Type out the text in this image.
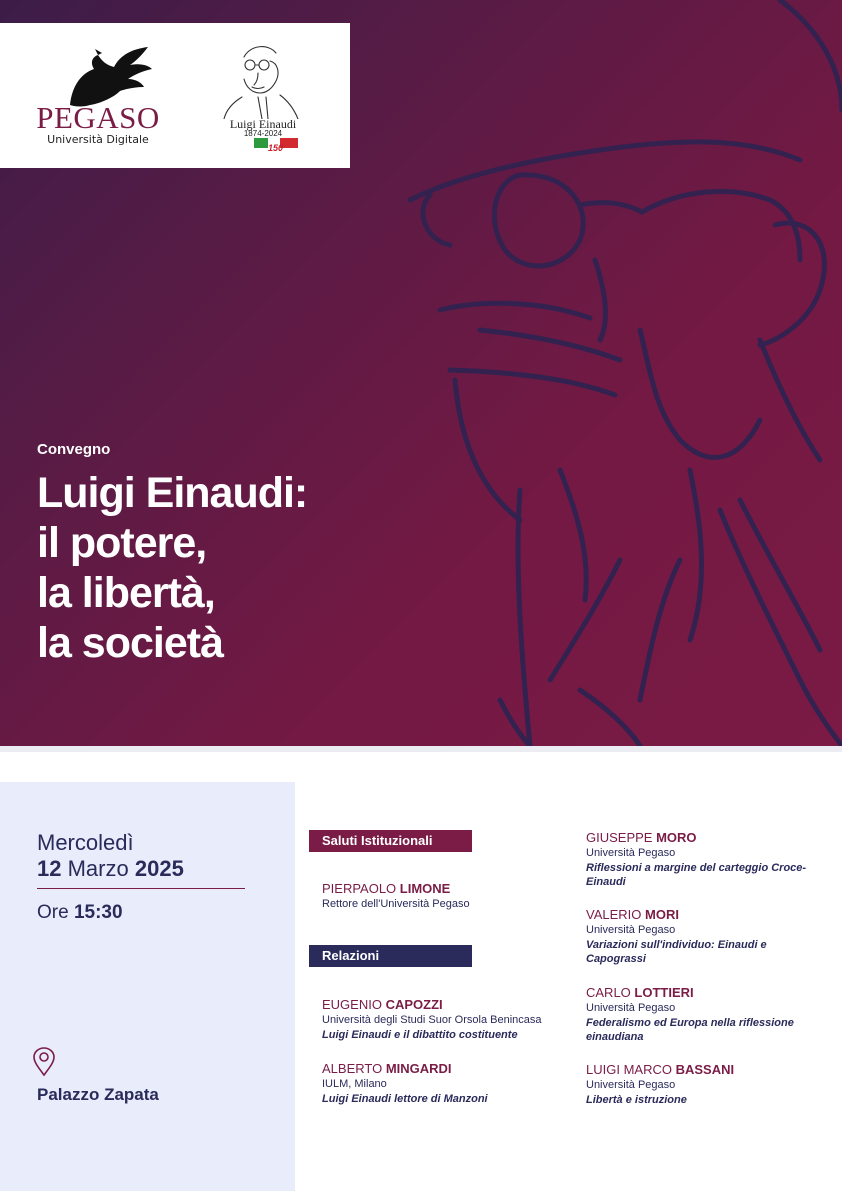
PEGASO
Università Digitale
Luigi Einaudi
1874-2024
150
Convegno
Luigi Einaudi:
il potere,
la libertà,
la società
Mercoledì
12 Marzo 2025
Ore 15:30
Palazzo Zapata
Saluti Istituzionali
Relazioni
PIERPAOLO LIMONE
Rettore dell'Università Pegaso
EUGENIO CAPOZZI
Università degli Studi Suor Orsola Benincasa
Luigi Einaudi e il dibattito costituente
ALBERTO MINGARDI
IULM, Milano
Luigi Einaudi lettore di Manzoni
GIUSEPPE MORO
Università Pegaso
Riflessioni a margine del carteggio Croce-Einaudi
VALERIO MORI
Università Pegaso
Variazioni sull'individuo: Einaudi e Capograssi
CARLO LOTTIERI
Università Pegaso
Federalismo ed Europa nella riflessione einaudiana
LUIGI MARCO BASSANI
Università Pegaso
Libertà e istruzione
